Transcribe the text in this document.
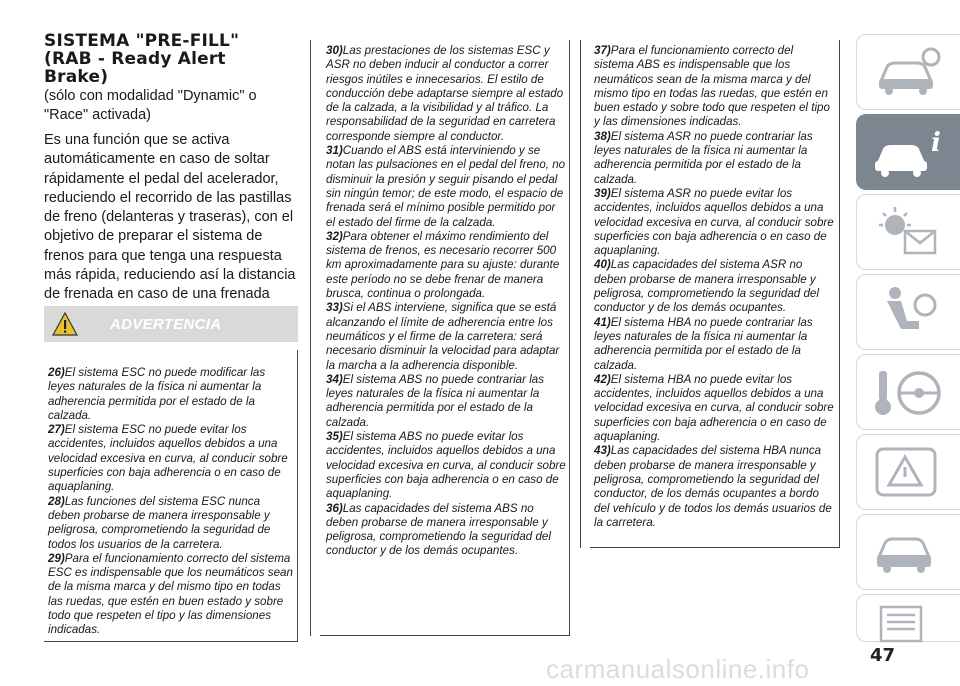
SISTEMA "PRE-FILL"
(RAB - Ready Alert
Brake)

(sólo con modalidad "Dynamic" o "Race" activada)

Es una función que se activa automáticamente en caso de soltar rápidamente el pedal del acelerador, reduciendo el recorrido de las pastillas de freno (delanteras y traseras), con el objetivo de preparar el sistema de frenos para que tenga una respuesta más rápida, reduciendo así la distancia de frenada en caso de una frenada

ADVERTENCIA

26)El sistema ESC no puede modificar las leyes naturales de la física ni aumentar la adherencia permitida por el estado de la calzada.

27)El sistema ESC no puede evitar los accidentes, incluidos aquellos debidos a una velocidad excesiva en curva, al conducir sobre superficies con baja adherencia o en caso de aquaplaning.

28)Las funciones del sistema ESC nunca deben probarse de manera irresponsable y peligrosa, comprometiendo la seguridad de todos los usuarios de la carretera.

29)Para el funcionamiento correcto del sistema ESC es indispensable que los neumáticos sean de la misma marca y del mismo tipo en todas las ruedas, que estén en buen estado y sobre todo que respeten el tipo y las dimensiones indicadas.

30)Las prestaciones de los sistemas ESC y ASR no deben inducir al conductor a correr riesgos inútiles e innecesarios. El estilo de conducción debe adaptarse siempre al estado de la calzada, a la visibilidad y al tráfico. La responsabilidad de la seguridad en carretera corresponde siempre al conductor.

31)Cuando el ABS está interviniendo y se notan las pulsaciones en el pedal del freno, no disminuir la presión y seguir pisando el pedal sin ningún temor; de este modo, el espacio de frenada será el mínimo posible permitido por el estado del firme de la calzada.

32)Para obtener el máximo rendimiento del sistema de frenos, es necesario recorrer 500 km aproximadamente para su ajuste: durante este período no se debe frenar de manera brusca, continua o prolongada.

33)Si el ABS interviene, significa que se está alcanzando el límite de adherencia entre los neumáticos y el firme de la carretera: será necesario disminuir la velocidad para adaptar la marcha a la adherencia disponible.

34)El sistema ABS no puede contrariar las leyes naturales de la física ni aumentar la adherencia permitida por el estado de la calzada.

35)El sistema ABS no puede evitar los accidentes, incluidos aquellos debidos a una velocidad excesiva en curva, al conducir sobre superficies con baja adherencia o en caso de aquaplaning.

36)Las capacidades del sistema ABS no deben probarse de manera irresponsable y peligrosa, comprometiendo la seguridad del conductor y de los demás ocupantes.

37)Para el funcionamiento correcto del sistema ABS es indispensable que los neumáticos sean de la misma marca y del mismo tipo en todas las ruedas, que estén en buen estado y sobre todo que respeten el tipo y las dimensiones indicadas.

38)El sistema ASR no puede contrariar las leyes naturales de la física ni aumentar la adherencia permitida por el estado de la calzada.

39)El sistema ASR no puede evitar los accidentes, incluidos aquellos debidos a una velocidad excesiva en curva, al conducir sobre superficies con baja adherencia o en caso de aquaplaning.

40)Las capacidades del sistema ASR no deben probarse de manera irresponsable y peligrosa, comprometiendo la seguridad del conductor y de los demás ocupantes.

41)El sistema HBA no puede contrariar las leyes naturales de la física ni aumentar la adherencia permitida por el estado de la calzada.

42)El sistema HBA no puede evitar los accidentes, incluidos aquellos debidos a una velocidad excesiva en curva, al conducir sobre superficies con baja adherencia o en caso de aquaplaning.

43)Las capacidades del sistema HBA nunca deben probarse de manera irresponsable y peligrosa, comprometiendo la seguridad del conductor, de los demás ocupantes a bordo del vehículo y de todos los demás usuarios de la carretera.

i
47
carmanualsonline.info
